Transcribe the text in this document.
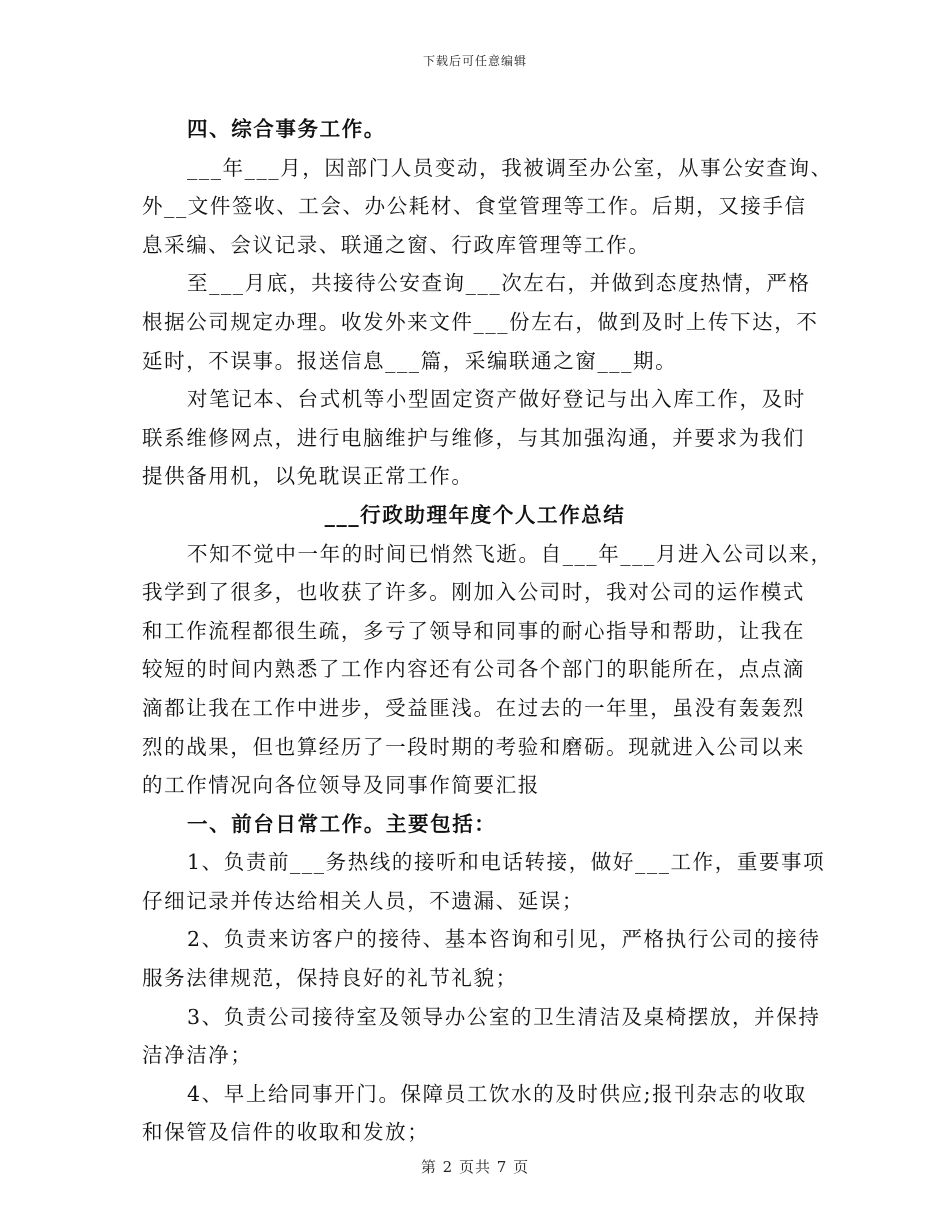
下载后可任意编辑
四、综合事务工作。
___年___月，因部门人员变动，我被调至办公室，从事公安查询、
外__文件签收、工会、办公耗材、食堂管理等工作。后期，又接手信
息采编、会议记录、联通之窗、行政库管理等工作。
至___月底，共接待公安查询___次左右，并做到态度热情，严格
根据公司规定办理。收发外来文件___份左右，做到及时上传下达，不
延时，不误事。报送信息___篇，采编联通之窗___期。
对笔记本、台式机等小型固定资产做好登记与出入库工作，及时
联系维修网点，进行电脑维护与维修，与其加强沟通，并要求为我们
提供备用机，以免耽误正常工作。
___行政助理年度个人工作总结
不知不觉中一年的时间已悄然飞逝。自___年___月进入公司以来，
我学到了很多，也收获了许多。刚加入公司时，我对公司的运作模式
和工作流程都很生疏，多亏了领导和同事的耐心指导和帮助，让我在
较短的时间内熟悉了工作内容还有公司各个部门的职能所在，点点滴
滴都让我在工作中进步，受益匪浅。在过去的一年里，虽没有轰轰烈
烈的战果，但也算经历了一段时期的考验和磨砺。现就进入公司以来
的工作情况向各位领导及同事作简要汇报
一、前台日常工作。主要包括：
1、负责前___务热线的接听和电话转接，做好___工作，重要事项
仔细记录并传达给相关人员，不遗漏、延误；
2、负责来访客户的接待、基本咨询和引见，严格执行公司的接待
服务法律规范，保持良好的礼节礼貌；
3、负责公司接待室及领导办公室的卫生清洁及桌椅摆放，并保持
洁净洁净；
4、早上给同事开门。保障员工饮水的及时供应;报刊杂志的收取
和保管及信件的收取和发放；
第 2 页共 7 页
